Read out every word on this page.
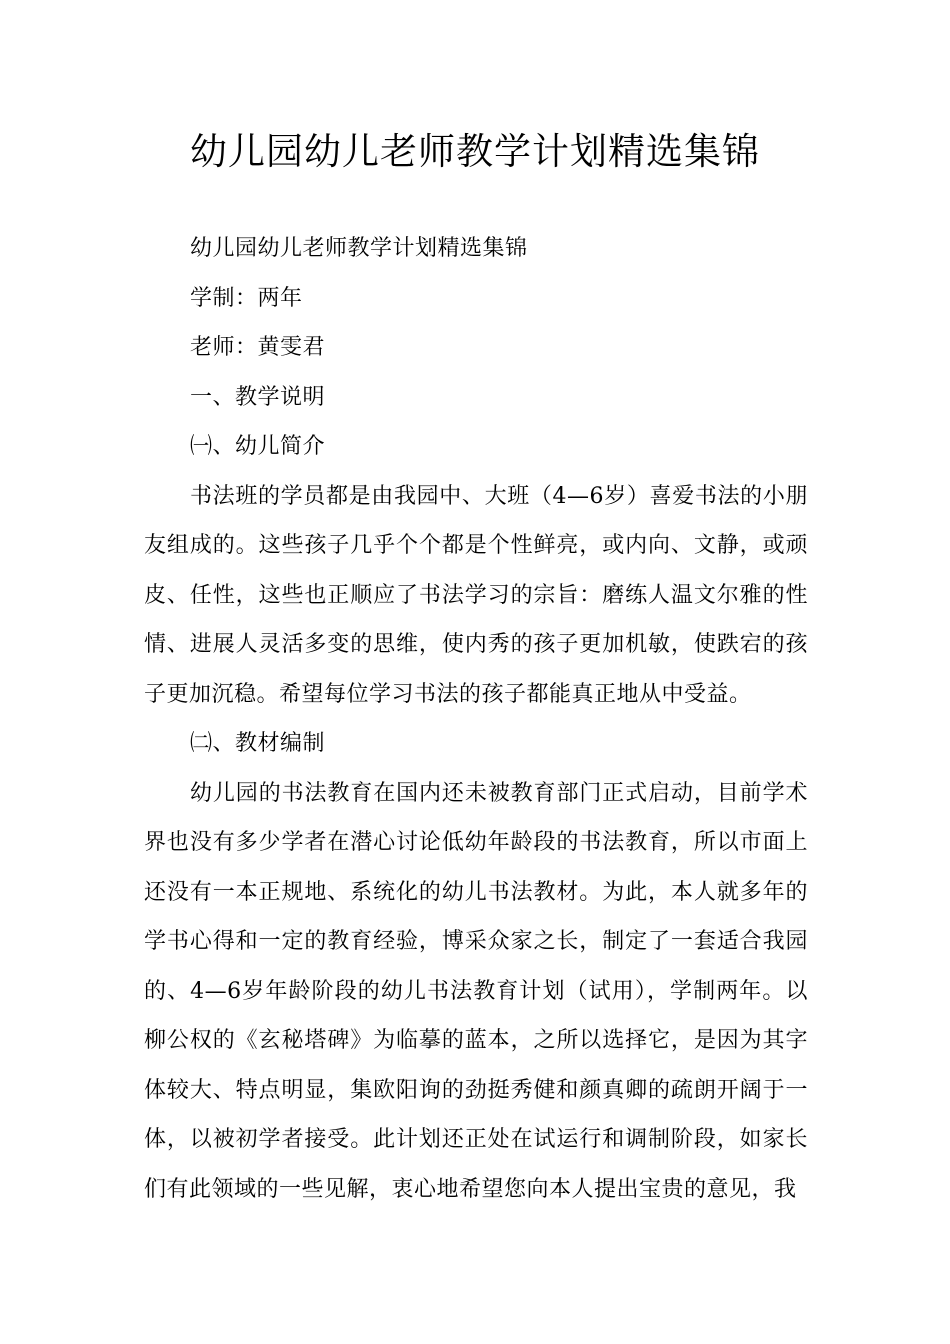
幼儿园幼儿老师教学计划精选集锦

幼儿园幼儿老师教学计划精选集锦

学制：两年

老师：黄雯君

一、教学说明

㈠、幼儿简介

书法班的学员都是由我园中、大班（4—6岁）喜爱书法的小朋友组成的。这些孩子几乎个个都是个性鲜亮，或内向、文静，或顽皮、任性，这些也正顺应了书法学习的宗旨：磨练人温文尔雅的性情、进展人灵活多变的思维，使内秀的孩子更加机敏，使跌宕的孩子更加沉稳。希望每位学习书法的孩子都能真正地从中受益。

㈡、教材编制

幼儿园的书法教育在国内还未被教育部门正式启动，目前学术界也没有多少学者在潜心讨论低幼年龄段的书法教育，所以市面上还没有一本正规地、系统化的幼儿书法教材。为此，本人就多年的学书心得和一定的教育经验，博采众家之长，制定了一套适合我园的、4—6岁年龄阶段的幼儿书法教育计划（试用），学制两年。以柳公权的《玄秘塔碑》为临摹的蓝本，之所以选择它，是因为其字体较大、特点明显，集欧阳询的劲挺秀健和颜真卿的疏朗开阔于一体，以被初学者接受。此计划还正处在试运行和调制阶段，如家长们有此领域的一些见解，衷心地希望您向本人提出宝贵的意见，我
